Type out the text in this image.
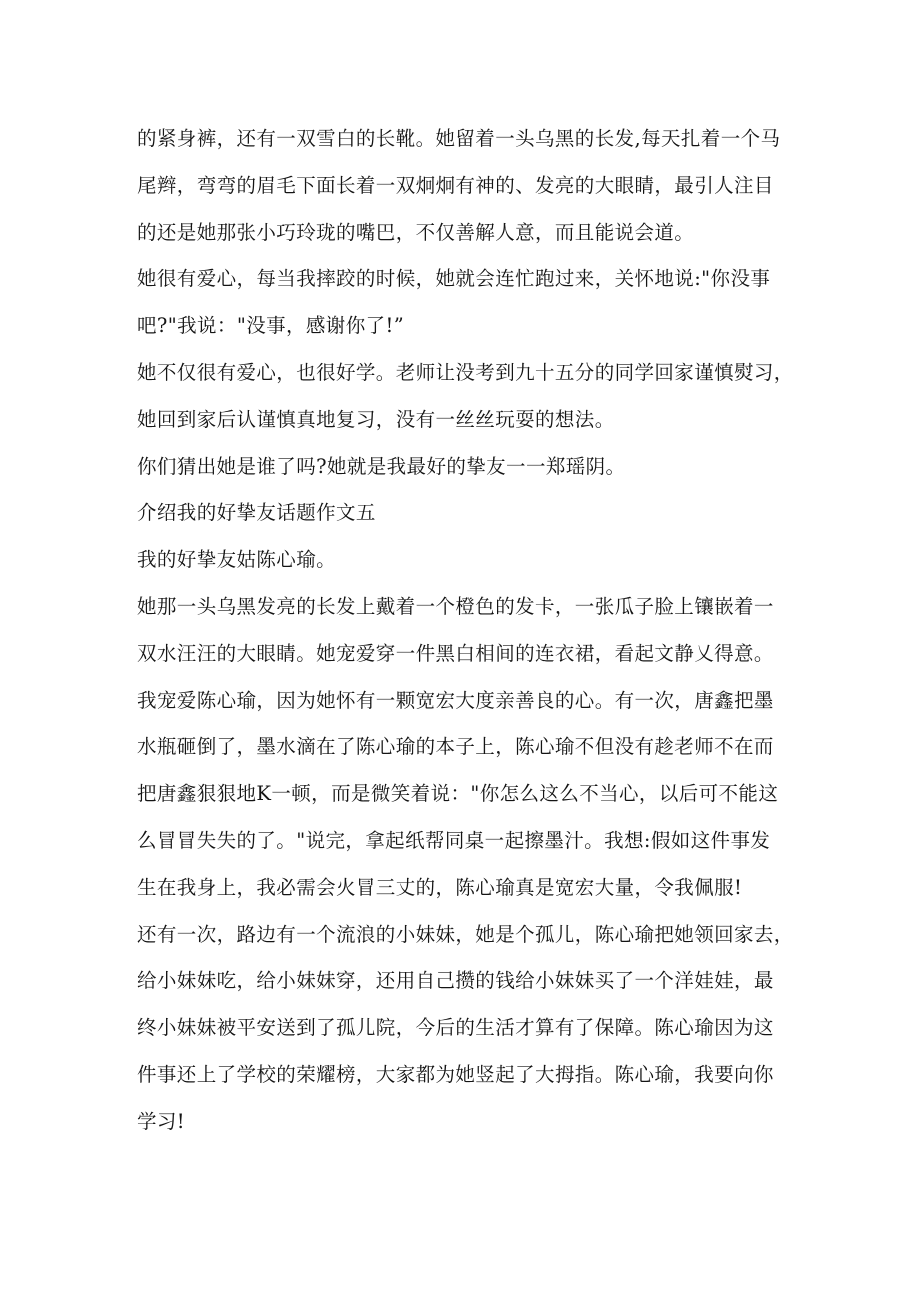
的紧身裤，还有一双雪白的长靴。她留着一头乌黑的长发,每天扎着一个马
尾辫，弯弯的眉毛下面长着一双炯炯有神的、发亮的大眼睛，最引人注目
的还是她那张小巧玲珑的嘴巴，不仅善解人意，而且能说会道。
她很有爱心，每当我摔跤的时候，她就会连忙跑过来，关怀地说:"你没事
吧?"我说："没事，感谢你了!”
她不仅很有爱心，也很好学。老师让没考到九十五分的同学回家谨慎熨习，
她回到家后认谨慎真地复习，没有一丝丝玩耍的想法。
你们猜出她是谁了吗?她就是我最好的挚友一一郑瑶阴。
介绍我的好挚友话题作文五
我的好挚友姑陈心瑜。
她那一头乌黑发亮的长发上戴着一个橙色的发卡，一张瓜子脸上镶嵌着一
双水汪汪的大眼睛。她宠爱穿一件黑白相间的连衣裙，看起文静乂得意。
我宠爱陈心瑜，因为她怀有一颗宽宏大度亲善良的心。有一次，唐鑫把墨
水瓶砸倒了，墨水滴在了陈心瑜的本子上，陈心瑜不但没有趁老师不在而
把唐鑫狠狠地K一顿，而是微笑着说："你怎么这么不当心，以后可不能这
么冒冒失失的了。"说完，拿起纸帮同桌一起擦墨汁。我想:假如这件事发
生在我身上，我必需会火冒三丈的，陈心瑜真是宽宏大量，令我佩服!
还有一次，路边有一个流浪的小妹妹，她是个孤儿，陈心瑜把她领回家去，
给小妹妹吃，给小妹妹穿，还用自己攒的钱给小妹妹买了一个洋娃娃，最
终小妹妹被平安送到了孤儿院，今后的生活才算有了保障。陈心瑜因为这
件事还上了学校的荣耀榜，大家都为她竖起了大拇指。陈心瑜，我要向你
学习!
